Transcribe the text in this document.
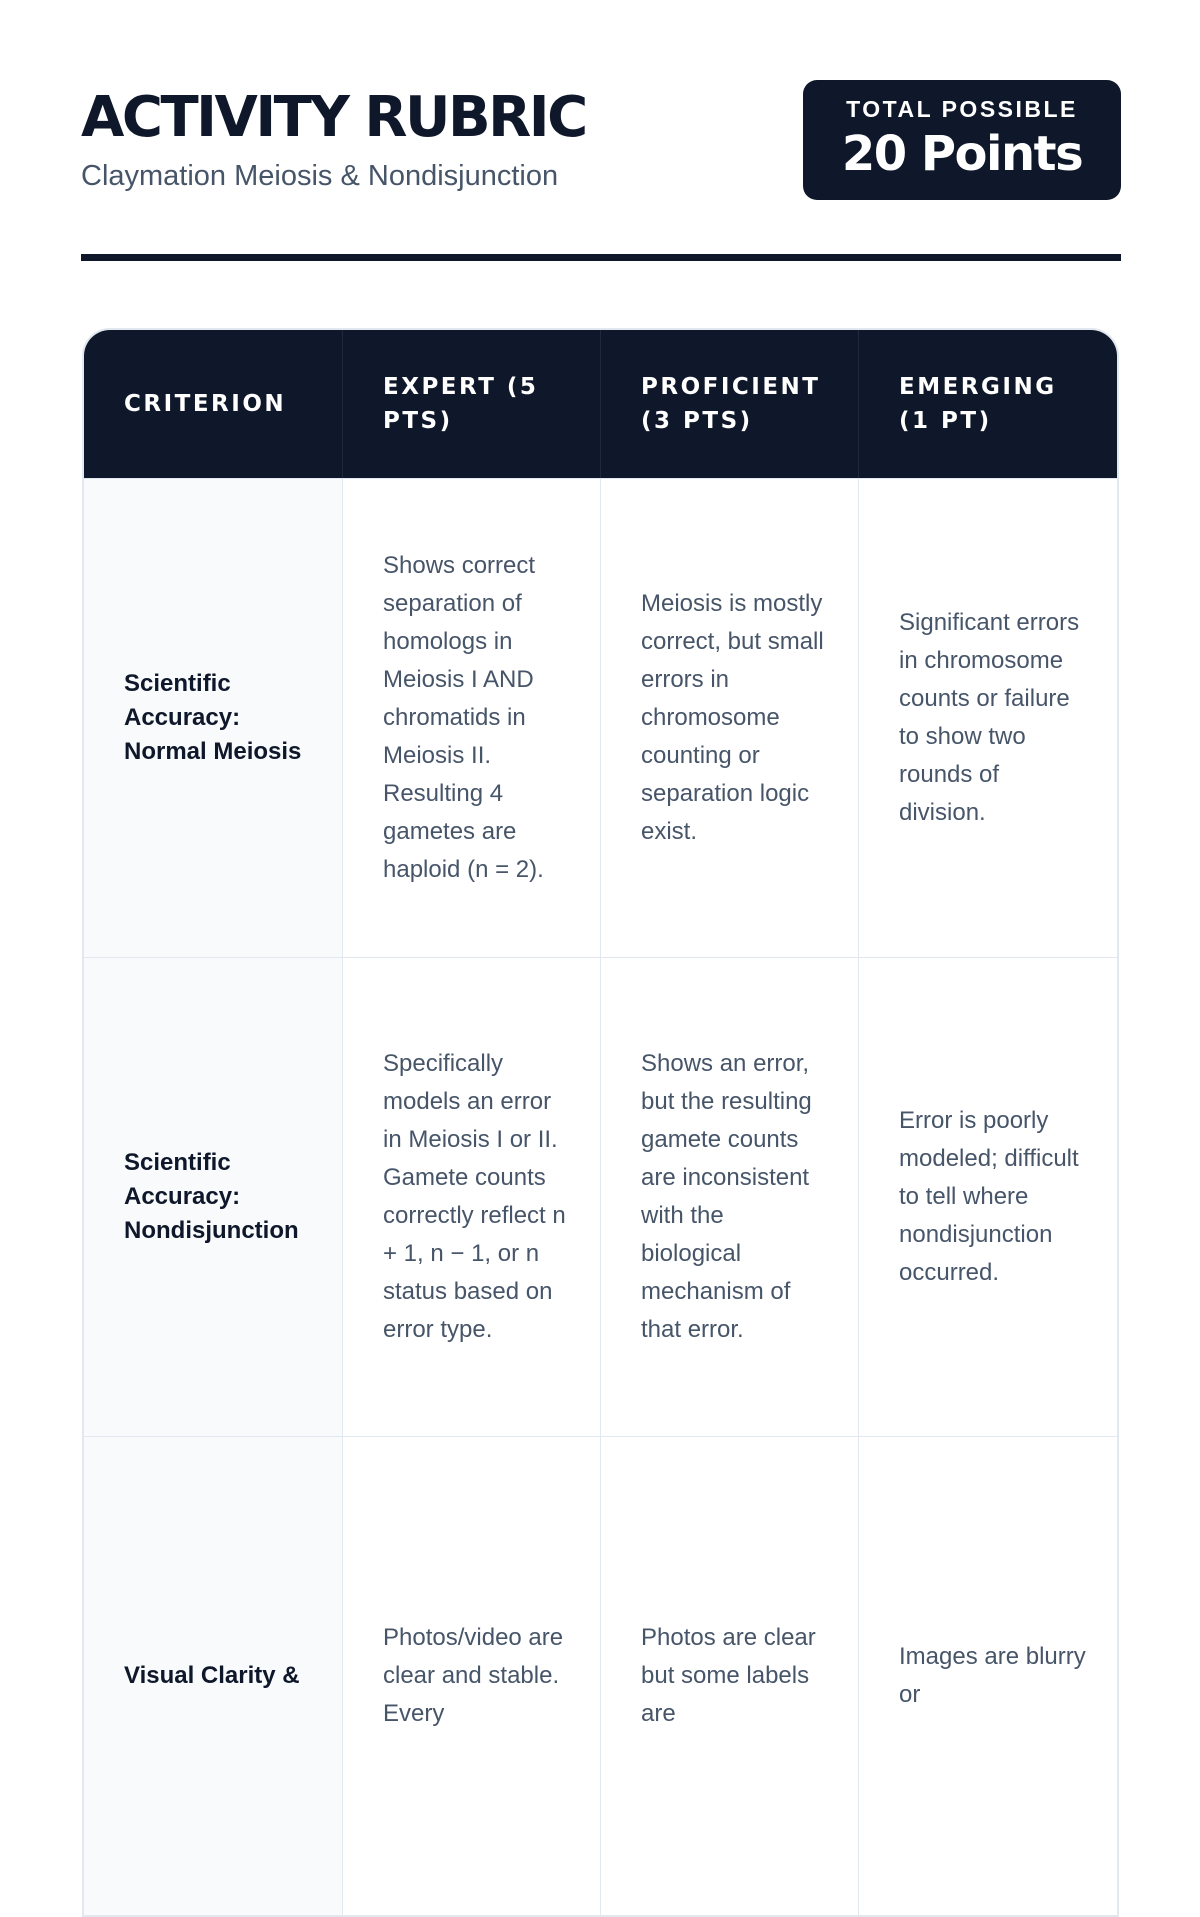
ACTIVITY RUBRIC
Claymation Meiosis & Nondisjunction
TOTAL POSSIBLE
20 Points
CRITERION
EXPERT (5 PTS)
PROFICIENT (3 PTS)
EMERGING (1 PT)
Scientific Accuracy: Normal Meiosis
Shows correct separation of homologs in Meiosis I AND chromatids in Meiosis II. Resulting 4 gametes are haploid (n = 2).
Meiosis is mostly correct, but small errors in chromosome counting or separation logic exist.
Significant errors in chromosome counts or failure to show two rounds of division.
Scientific Accuracy: Nondisjunction
Specifically models an error in Meiosis I or II. Gamete counts correctly reflect n + 1, n − 1, or n status based on error type.
Shows an error, but the resulting gamete counts are inconsistent with the biological mechanism of that error.
Error is poorly modeled; difficult to tell where nondisjunction occurred.
Visual Clarity &
Photos/video are clear and stable. Every
Photos are clear but some labels are
Images are blurry or
